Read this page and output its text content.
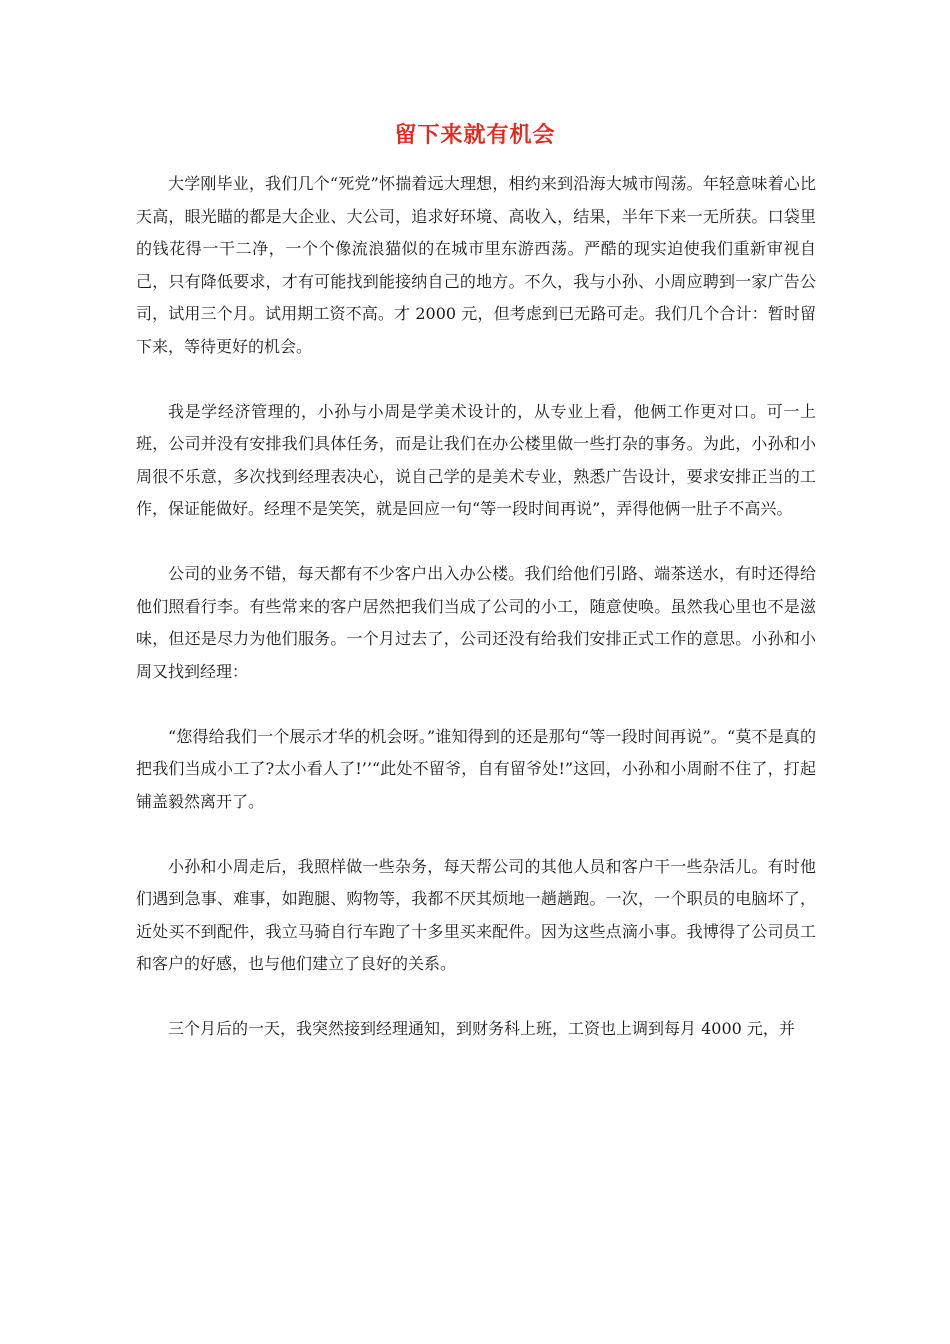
留下来就有机会

大学刚毕业，我们几个“死党”怀揣着远大理想，相约来到沿海大城市闯荡。年轻意味着心比天高，眼光瞄的都是大企业、大公司，追求好环境、高收入，结果，半年下来一无所获。口袋里的钱花得一干二净，一个个像流浪猫似的在城市里东游西荡。严酷的现实迫使我们重新审视自己，只有降低要求，才有可能找到能接纳自己的地方。不久，我与小孙、小周应聘到一家广告公司，试用三个月。试用期工资不高。才 2000 元，但考虑到已无路可走。我们几个合计：暂时留下来，等待更好的机会。

我是学经济管理的，小孙与小周是学美术设计的，从专业上看，他俩工作更对口。可一上班，公司并没有安排我们具体任务，而是让我们在办公楼里做一些打杂的事务。为此，小孙和小周很不乐意，多次找到经理表决心，说自己学的是美术专业，熟悉广告设计，要求安排正当的工作，保证能做好。经理不是笑笑，就是回应一句“等一段时间再说”，弄得他俩一肚子不高兴。

公司的业务不错，每天都有不少客户出入办公楼。我们给他们引路、端茶送水，有时还得给他们照看行李。有些常来的客户居然把我们当成了公司的小工，随意使唤。虽然我心里也不是滋味，但还是尽力为他们服务。一个月过去了，公司还没有给我们安排正式工作的意思。小孙和小周又找到经理：

“您得给我们一个展示才华的机会呀。”谁知得到的还是那句“等一段时间再说”。“莫不是真的把我们当成小工了?太小看人了!’’“此处不留爷，自有留爷处!”这回，小孙和小周耐不住了，打起铺盖毅然离开了。

小孙和小周走后，我照样做一些杂务，每天帮公司的其他人员和客户干一些杂活儿。有时他们遇到急事、难事，如跑腿、购物等，我都不厌其烦地一趟趟跑。一次，一个职员的电脑坏了，近处买不到配件，我立马骑自行车跑了十多里买来配件。因为这些点滴小事。我博得了公司员工和客户的好感，也与他们建立了良好的关系。

三个月后的一天，我突然接到经理通知，到财务科上班，工资也上调到每月 4000 元，并
